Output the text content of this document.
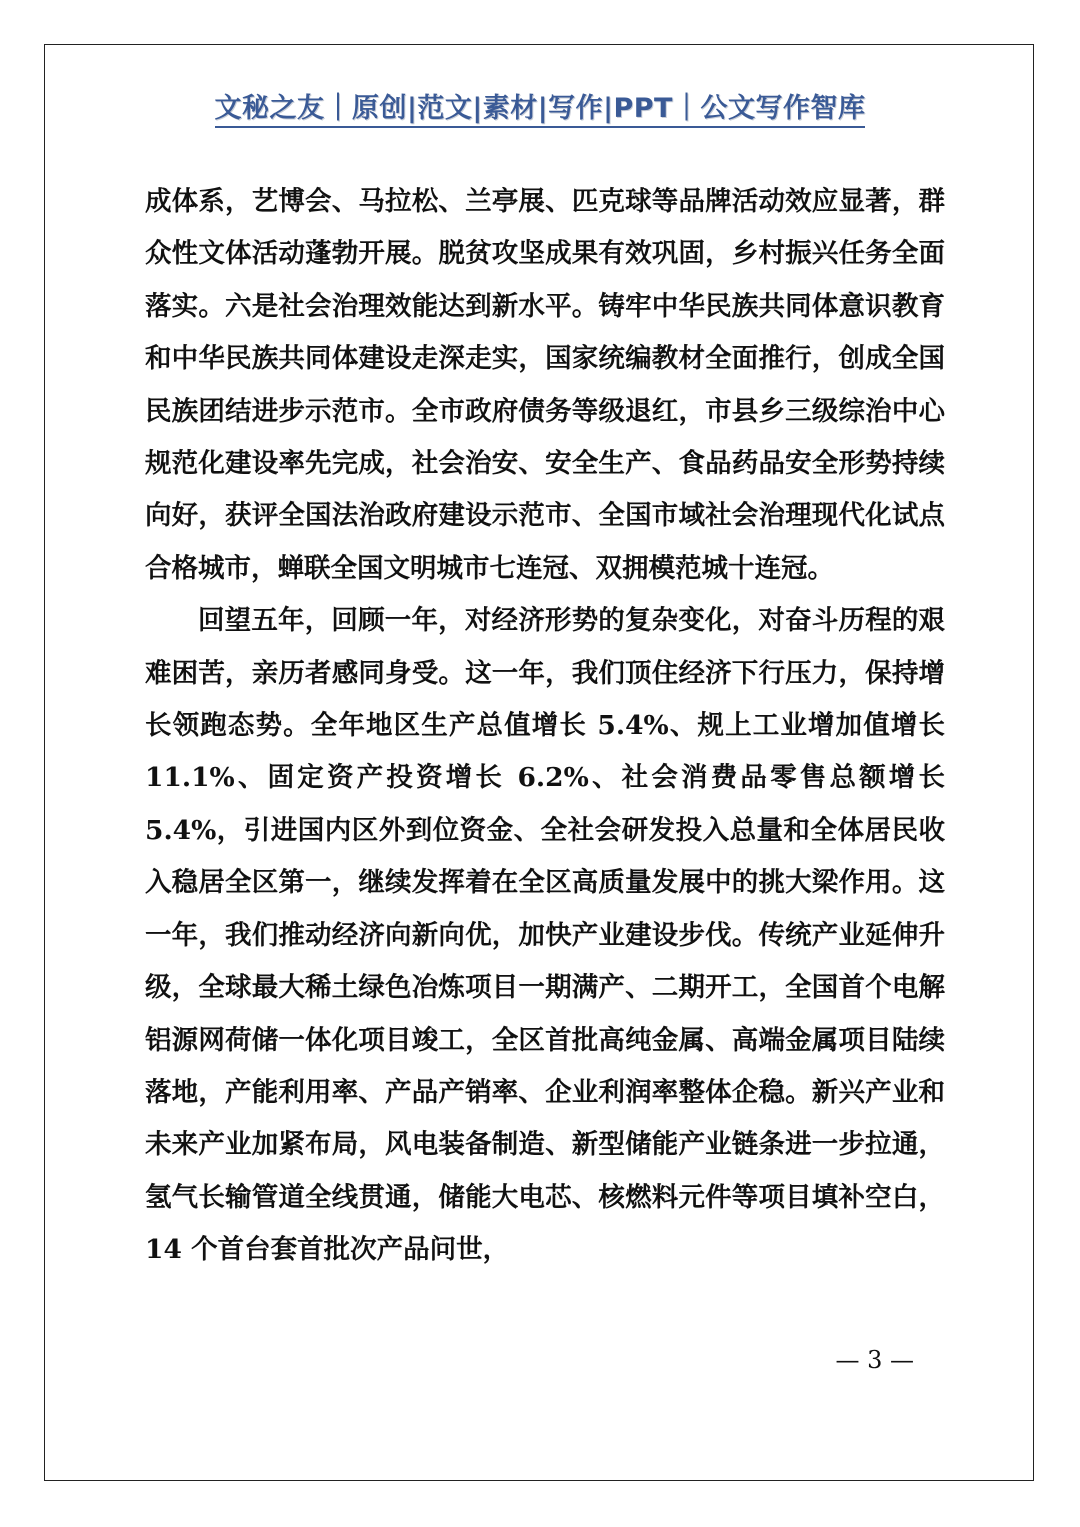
文秘之友｜原创|范文|素材|写作|PPT｜公文写作智库

成体系，艺博会、马拉松、兰亭展、匹克球等品牌活动效应显著，群众性文体活动蓬勃开展。脱贫攻坚成果有效巩固，乡村振兴任务全面落实。六是社会治理效能达到新水平。铸牢中华民族共同体意识教育和中华民族共同体建设走深走实，国家统编教材全面推行，创成全国民族团结进步示范市。全市政府债务等级退红，市县乡三级综治中心规范化建设率先完成，社会治安、安全生产、食品药品安全形势持续向好，获评全国法治政府建设示范市、全国市域社会治理现代化试点合格城市，蝉联全国文明城市七连冠、双拥模范城十连冠。

回望五年，回顾一年，对经济形势的复杂变化，对奋斗历程的艰难困苦，亲历者感同身受。这一年，我们顶住经济下行压力，保持增长领跑态势。全年地区生产总值增长 5.4%、规上工业增加值增长 11.1%、固定资产投资增长 6.2%、社会消费品零售总额增长 5.4%，引进国内区外到位资金、全社会研发投入总量和全体居民收入稳居全区第一，继续发挥着在全区高质量发展中的挑大梁作用。这一年，我们推动经济向新向优，加快产业建设步伐。传统产业延伸升级，全球最大稀土绿色冶炼项目一期满产、二期开工，全国首个电解铝源网荷储一体化项目竣工，全区首批高纯金属、高端金属项目陆续落地，产能利用率、产品产销率、企业利润率整体企稳。新兴产业和未来产业加紧布局，风电装备制造、新型储能产业链条进一步拉通，氢气长输管道全线贯通，储能大电芯、核燃料元件等项目填补空白，14 个首台套首批次产品问世，

— 3 —
